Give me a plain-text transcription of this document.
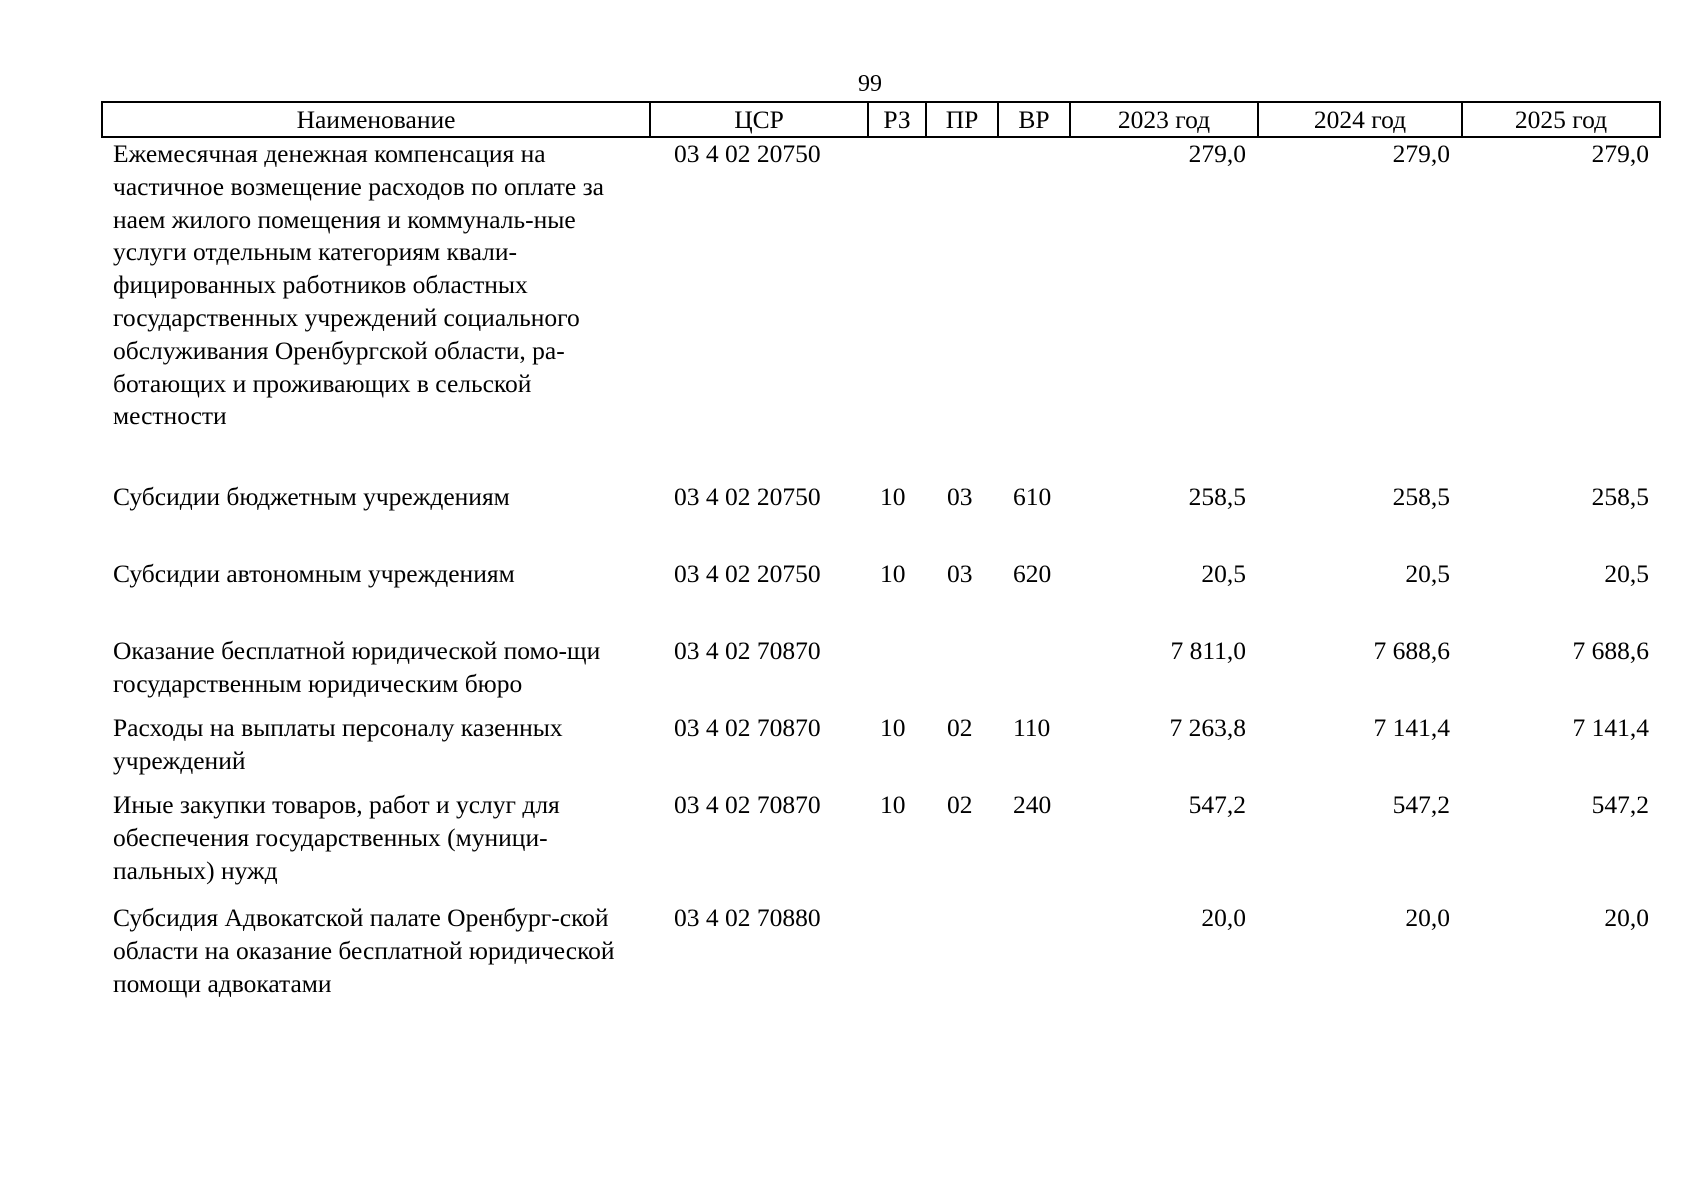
99
Наименование	ЦСР	РЗ	ПР	ВР	2023 год	2024 год	2025 год
Ежемесячная денежная компенсация на частичное возмещение расходов по оплате за наем жилого помещения и коммуналь-ные услуги отдельным категориям квали-фицированных работников областных государственных учреждений социального обслуживания Оренбургской области, ра-ботающих и проживающих в сельской местности	03 4 02 20750				279,0	279,0	279,0
Субсидии бюджетным учреждениям	03 4 02 20750	10	03	610	258,5	258,5	258,5
Субсидии автономным учреждениям	03 4 02 20750	10	03	620	20,5	20,5	20,5
Оказание бесплатной юридической помо-щи государственным юридическим бюро	03 4 02 70870				7 811,0	7 688,6	7 688,6
Расходы на выплаты персоналу казенных учреждений	03 4 02 70870	10	02	110	7 263,8	7 141,4	7 141,4
Иные закупки товаров, работ и услуг для обеспечения государственных (муници-пальных) нужд	03 4 02 70870	10	02	240	547,2	547,2	547,2
Субсидия Адвокатской палате Оренбург-ской области на оказание бесплатной юридической помощи адвокатами	03 4 02 70880				20,0	20,0	20,0
